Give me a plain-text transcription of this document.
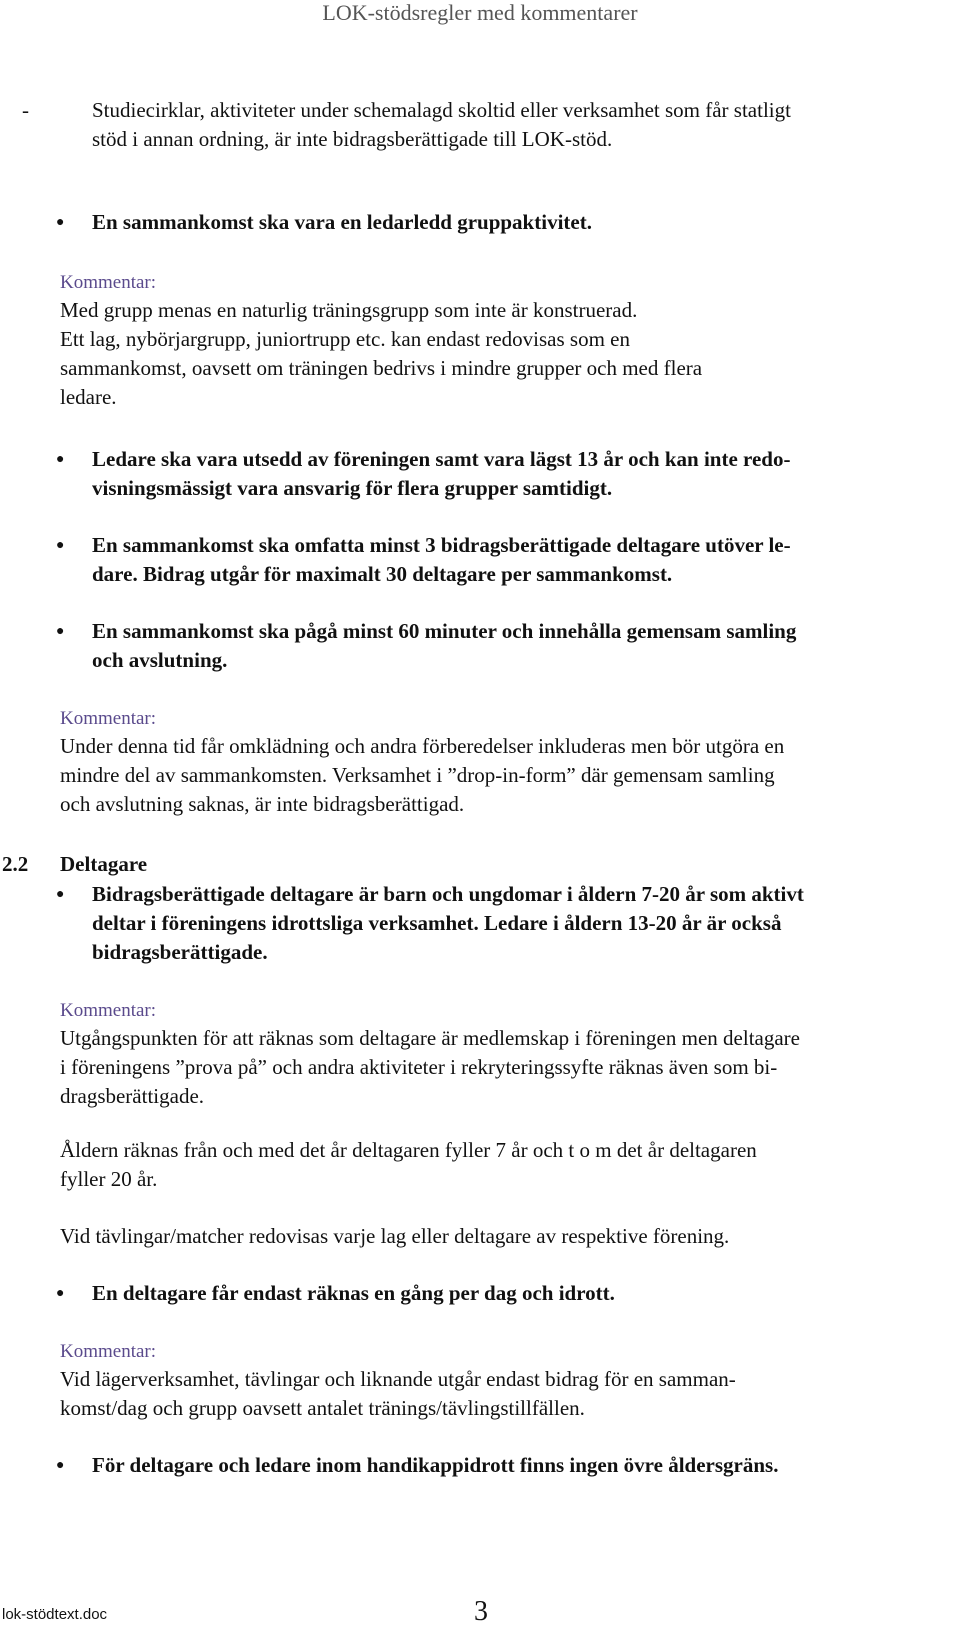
LOK-stödsregler med kommentarer
-	Studiecirklar, aktiviteter under schemalagd skoltid eller verksamhet som får statligt
stöd i annan ordning, är inte bidragsberättigade till LOK-stöd.
● En sammankomst ska vara en ledarledd gruppaktivitet.
Kommentar:
Med grupp menas en naturlig träningsgrupp som inte är konstruerad.
Ett lag, nybörjargrupp, juniortrupp etc. kan endast redovisas som en
sammankomst, oavsett om träningen bedrivs i mindre grupper och med flera
ledare.
● Ledare ska vara utsedd av föreningen samt vara lägst 13 år och kan inte redo-
visningsmässigt vara ansvarig för flera grupper samtidigt.
● En sammankomst ska omfatta minst 3 bidragsberättigade deltagare utöver le-
dare. Bidrag utgår för maximalt 30 deltagare per sammankomst.
● En sammankomst ska pågå minst 60 minuter och innehålla gemensam samling
och avslutning.
Kommentar:
Under denna tid får omklädning och andra förberedelser inkluderas men bör utgöra en
mindre del av sammankomsten. Verksamhet i ”drop-in-form” där gemensam samling
och avslutning saknas, är inte bidragsberättigad.
2.2 Deltagare
● Bidragsberättigade deltagare är barn och ungdomar i åldern 7-20 år som aktivt
deltar i föreningens idrottsliga verksamhet. Ledare i åldern 13-20 år är också
bidragsberättigade.
Kommentar:
Utgångspunkten för att räknas som deltagare är medlemskap i föreningen men deltagare
i föreningens ”prova på” och andra aktiviteter i rekryteringssyfte räknas även som bi-
dragsberättigade.
Åldern räknas från och med det år deltagaren fyller 7 år och t o m det år deltagaren
fyller 20 år.
Vid tävlingar/matcher redovisas varje lag eller deltagare av respektive förening.
● En deltagare får endast räknas en gång per dag och idrott.
Kommentar:
Vid lägerverksamhet, tävlingar och liknande utgår endast bidrag för en samman-
komst/dag och grupp oavsett antalet tränings/tävlingstillfällen.
● För deltagare och ledare inom handikappidrott finns ingen övre åldersgräns.
lok-stödtext.doc	3
